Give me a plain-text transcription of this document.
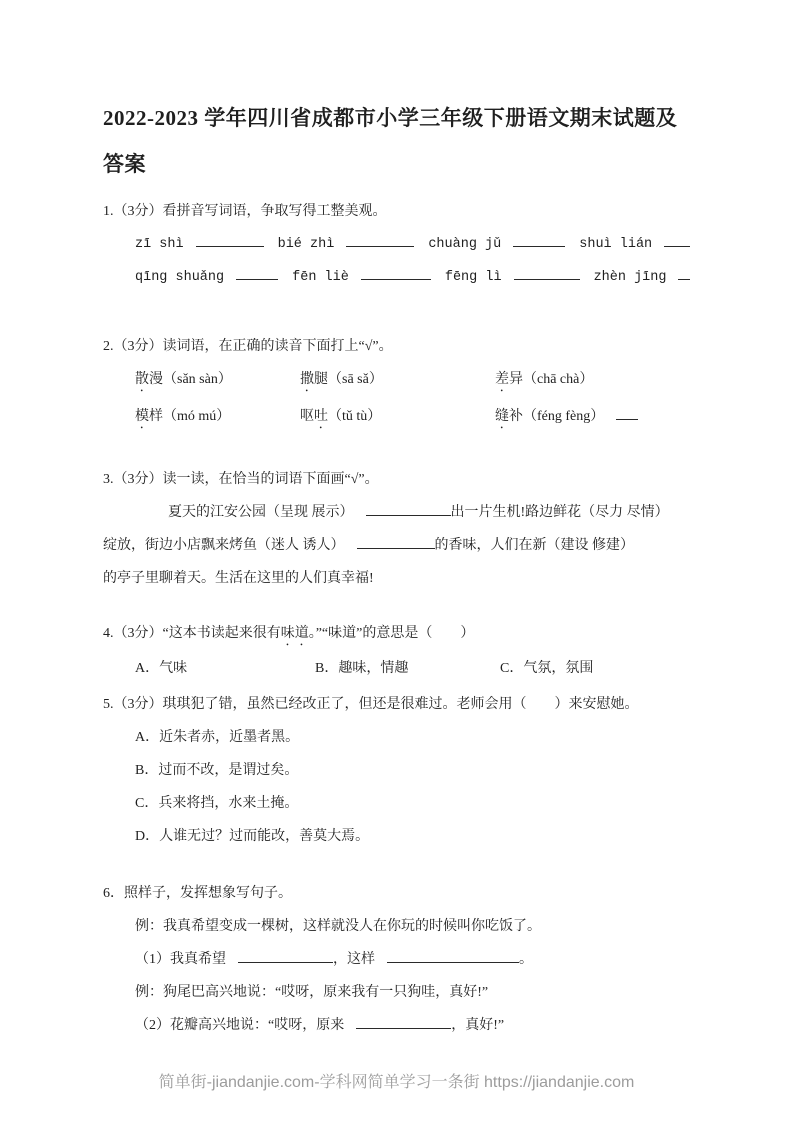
2022-2023 学年四川省成都市小学三年级下册语文期末试题及答案
1.（3分）看拼音写词语，争取写得工整美观。
zī shì	bié zhì	chuàng jǔ	shuì lián
qīng shuǎng	fēn liè	fēng lì	zhèn jīng
2.（3分）读词语，在正确的读音下面打上“√”。
散漫（sǎn sàn）	撒腿（sā sǎ）	差异（chā chà）
模样（mó mú）	呕吐（tǔ tù）	缝补（féng fèng）
3.（3分）读一读，在恰当的词语下面画“√”。
夏天的江安公园（呈现 展示）	出一片生机!路边鲜花（尽力 尽情）
绽放，街边小店飘来烤鱼（迷人 诱人）	的香味，人们在新（建设 修建）
的亭子里聊着天。生活在这里的人们真幸福!
4.（3分）“这本书读起来很有味道。”“味道”的意思是（　　）
A．气味	B．趣味，情趣	C．气氛，氛围
5.（3分）琪琪犯了错，虽然已经改正了，但还是很难过。老师会用（　　）来安慰她。
A．近朱者赤，近墨者黑。
B．过而不改，是谓过矣。
C．兵来将挡，水来土掩。
D．人谁无过？过而能改，善莫大焉。
6．照样子，发挥想象写句子。
例：我真希望变成一棵树，这样就没人在你玩的时候叫你吃饭了。
（1）我真希望	，这样	。
例：狗尾巴高兴地说：“哎呀，原来我有一只狗哇，真好!”
（2）花瓣高兴地说：“哎呀，原来	，真好!”
简单街-jiandanjie.com-学科网简单学习一条街 https://jiandanjie.com
